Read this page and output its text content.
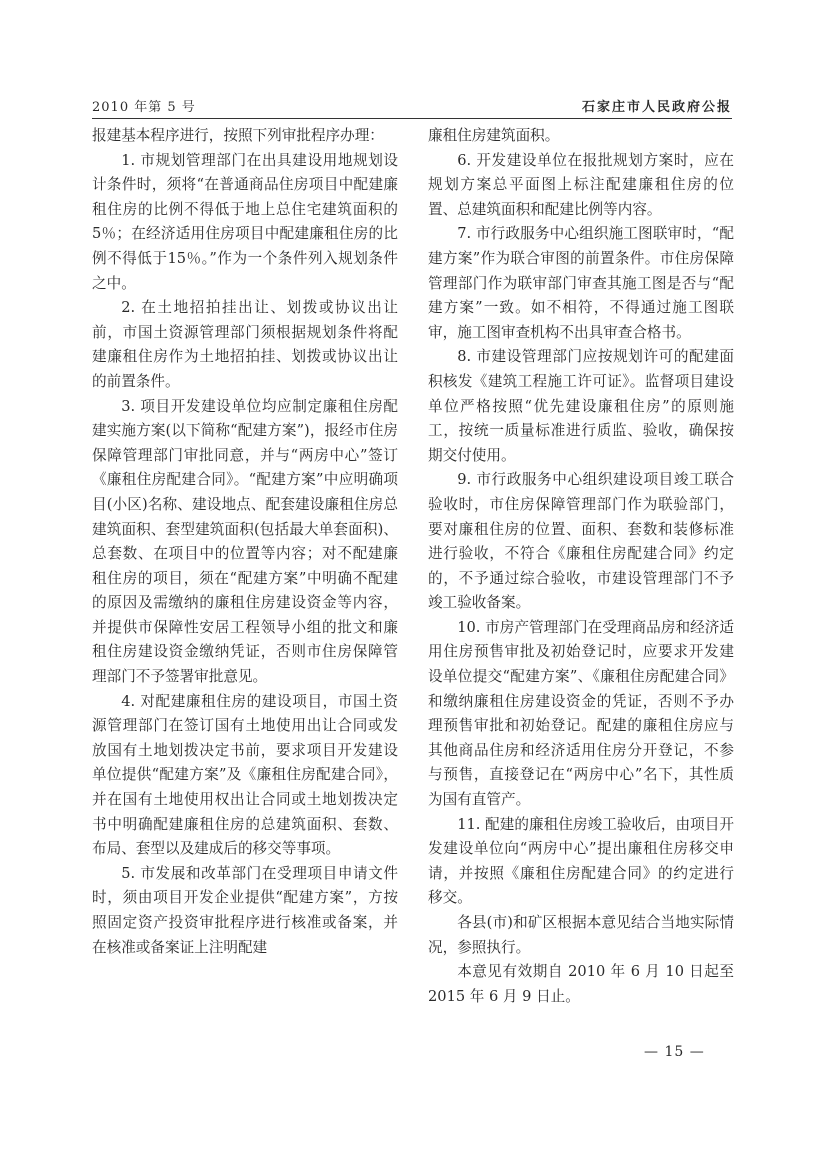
2010 年第 5 号	石家庄市人民政府公报

报建基本程序进行，按照下列审批程序办理：

1. 市规划管理部门在出具建设用地规划设计条件时，须将“在普通商品住房项目中配建廉租住房的比例不得低于地上总住宅建筑面积的 5％；在经济适用住房项目中配建廉租住房的比例不得低于15％。”作为一个条件列入规划条件之中。

2. 在土地招拍挂出让、划拨或协议出让前，市国土资源管理部门须根据规划条件将配建廉租住房作为土地招拍挂、划拨或协议出让的前置条件。

3. 项目开发建设单位均应制定廉租住房配建实施方案(以下简称“配建方案”)，报经市住房保障管理部门审批同意，并与“两房中心”签订《廉租住房配建合同》。“配建方案”中应明确项目(小区)名称、建设地点、配套建设廉租住房总建筑面积、套型建筑面积(包括最大单套面积)、总套数、在项目中的位置等内容；对不配建廉租住房的项目，须在“配建方案”中明确不配建的原因及需缴纳的廉租住房建设资金等内容，并提供市保障性安居工程领导小组的批文和廉租住房建设资金缴纳凭证，否则市住房保障管理部门不予签署审批意见。

4. 对配建廉租住房的建设项目，市国土资源管理部门在签订国有土地使用出让合同或发放国有土地划拨决定书前，要求项目开发建设单位提供“配建方案”及《廉租住房配建合同》，并在国有土地使用权出让合同或土地划拨决定书中明确配建廉租住房的总建筑面积、套数、布局、套型以及建成后的移交等事项。

5. 市发展和改革部门在受理项目申请文件时，须由项目开发企业提供“配建方案”，方按照固定资产投资审批程序进行核准或备案，并在核准或备案证上注明配建

廉租住房建筑面积。

6. 开发建设单位在报批规划方案时，应在规划方案总平面图上标注配建廉租住房的位置、总建筑面积和配建比例等内容。

7. 市行政服务中心组织施工图联审时，“配建方案”作为联合审图的前置条件。市住房保障管理部门作为联审部门审查其施工图是否与“配建方案”一致。如不相符，不得通过施工图联审，施工图审查机构不出具审查合格书。

8. 市建设管理部门应按规划许可的配建面积核发《建筑工程施工许可证》。监督项目建设单位严格按照“优先建设廉租住房”的原则施工，按统一质量标准进行质监、验收，确保按期交付使用。

9. 市行政服务中心组织建设项目竣工联合验收时，市住房保障管理部门作为联验部门，要对廉租住房的位置、面积、套数和装修标准进行验收，不符合《廉租住房配建合同》约定的，不予通过综合验收，市建设管理部门不予竣工验收备案。

10. 市房产管理部门在受理商品房和经济适用住房预售审批及初始登记时，应要求开发建设单位提交“配建方案”、《廉租住房配建合同》和缴纳廉租住房建设资金的凭证，否则不予办理预售审批和初始登记。配建的廉租住房应与其他商品住房和经济适用住房分开登记，不参与预售，直接登记在“两房中心”名下，其性质为国有直管产。

11. 配建的廉租住房竣工验收后，由项目开发建设单位向“两房中心”提出廉租住房移交申请，并按照《廉租住房配建合同》的约定进行移交。

各县(市)和矿区根据本意见结合当地实际情况，参照执行。

本意见有效期自 2010 年 6 月 10 日起至 2015 年 6 月 9 日止。

— 15 —
